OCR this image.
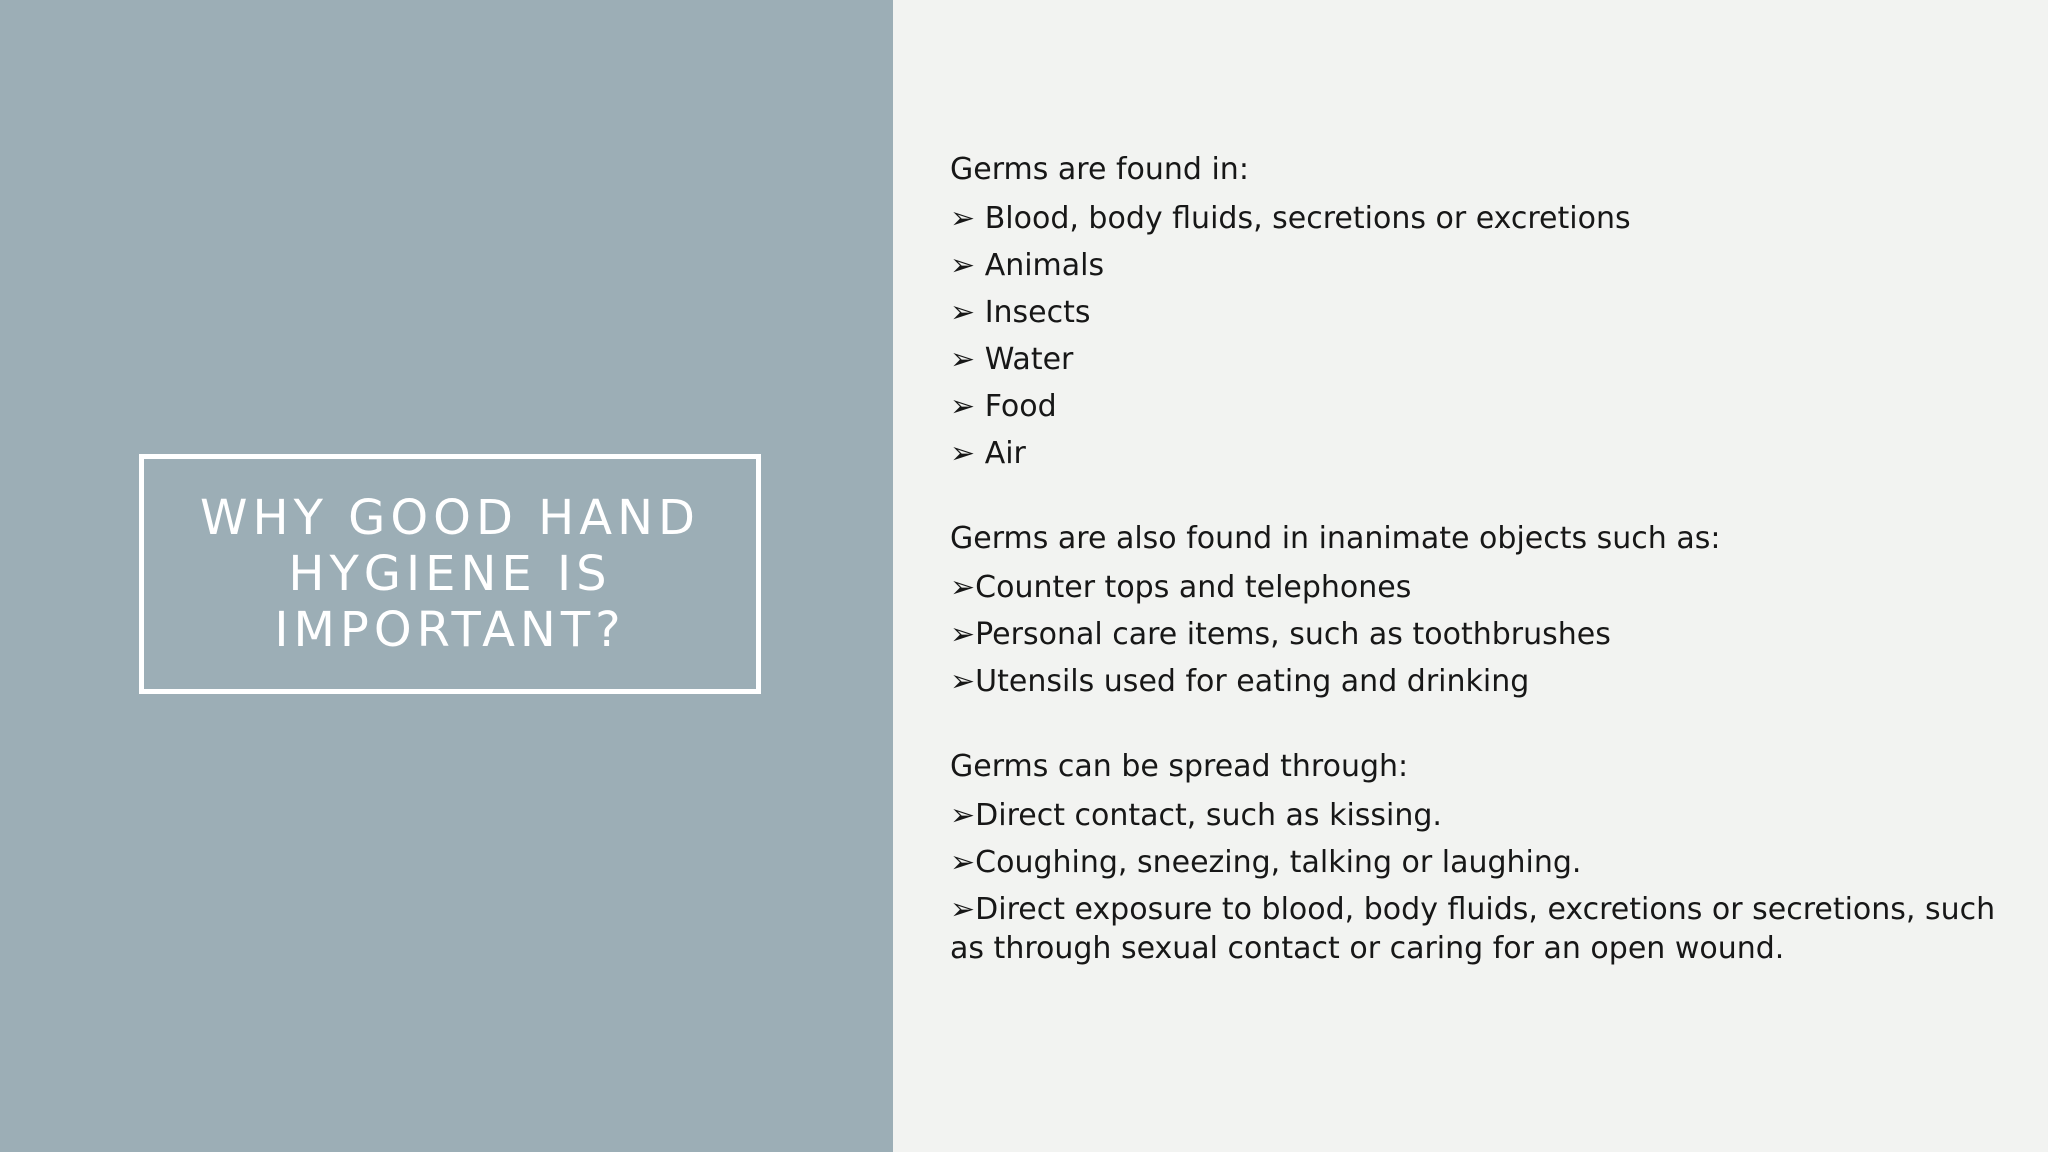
WHY GOOD HAND
HYGIENE IS
IMPORTANT?

Germs are found in:

➢ Blood, body fluids, secretions or excretions
➢ Animals
➢ Insects
➢ Water
➢ Food
➢ Air

Germs are also found in inanimate objects such as:

➢Counter tops and telephones
➢Personal care items, such as toothbrushes
➢Utensils used for eating and drinking

Germs can be spread through:

➢Direct contact, such as kissing.
➢Coughing, sneezing, talking or laughing.
➢Direct exposure to blood, body fluids, excretions or secretions, such as through sexual contact or caring for an open wound.
